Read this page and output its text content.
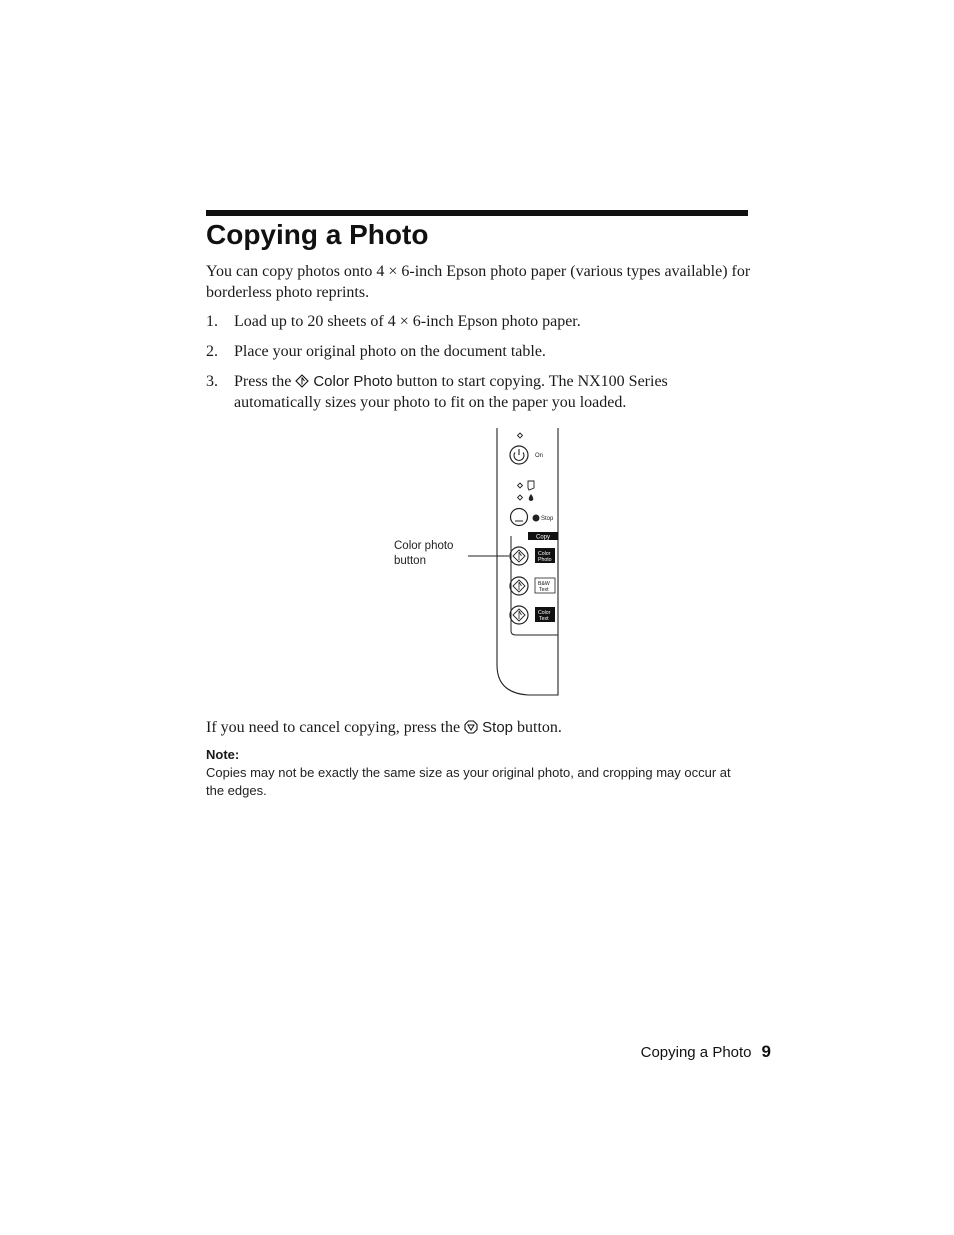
Copying a Photo

You can copy photos onto 4 × 6-inch Epson photo paper (various types available) for borderless photo reprints.

1. Load up to 20 sheets of 4 × 6-inch Epson photo paper.
2. Place your original photo on the document table.
3. Press the Color Photo button to start copying. The NX100 Series automatically sizes your photo to fit on the paper you loaded.
Color photo button
On
Stop
Copy
Color
Photo
B&W
Text
Color
Text

If you need to cancel copying, press the Stop button.

Note:

Copies may not be exactly the same size as your original photo, and cropping may occur at the edges.

Copying a Photo 9
